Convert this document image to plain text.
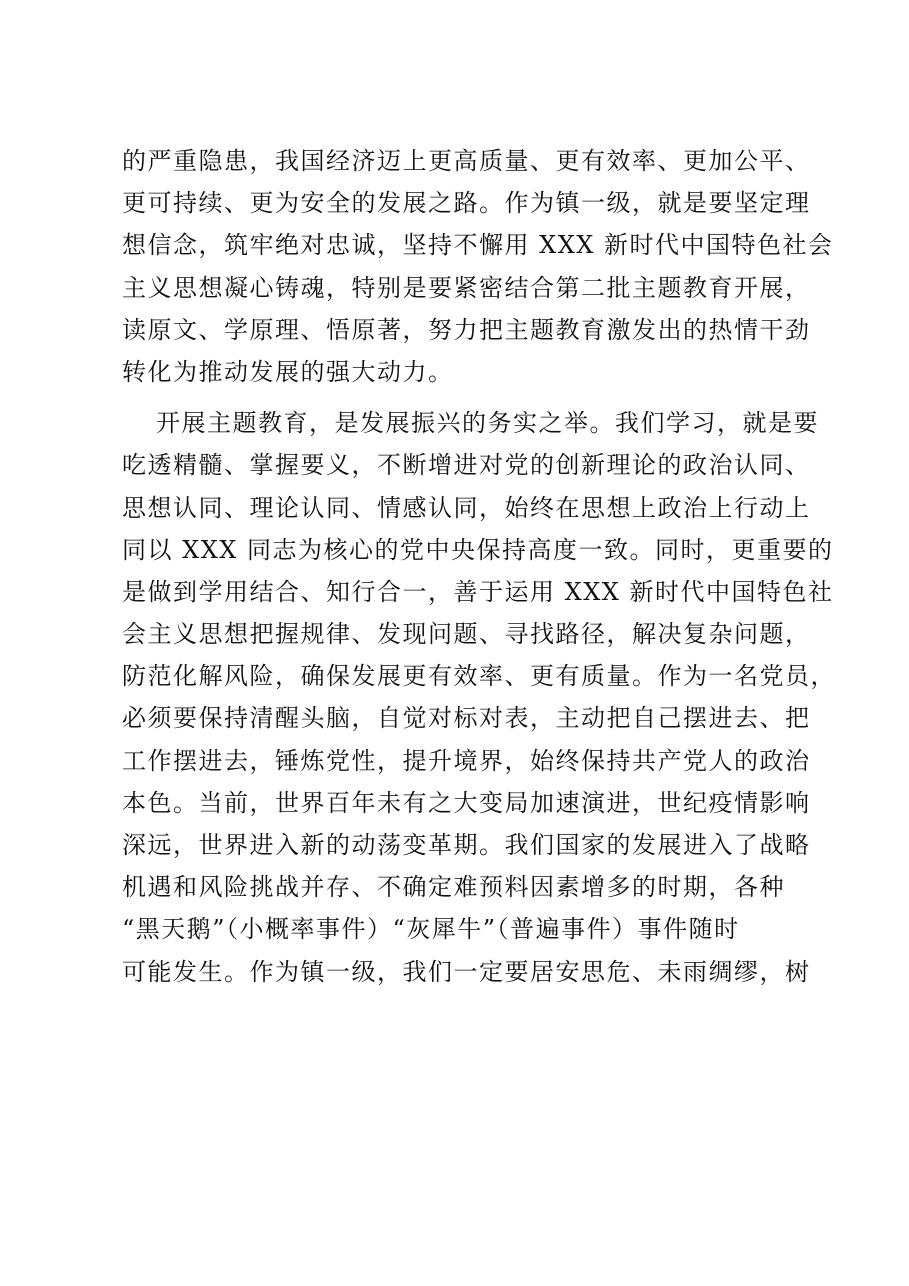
的严重隐患，我国经济迈上更高质量、更有效率、更加公平、
更可持续、更为安全的发展之路。作为镇一级，就是要坚定理
想信念，筑牢绝对忠诚，坚持不懈用 XXX 新时代中国特色社会
主义思想凝心铸魂，特别是要紧密结合第二批主题教育开展，
读原文、学原理、悟原著，努力把主题教育激发出的热情干劲
转化为推动发展的强大动力。
开展主题教育，是发展振兴的务实之举。我们学习，就是要
吃透精髓、掌握要义，不断增进对党的创新理论的政治认同、
思想认同、理论认同、情感认同，始终在思想上政治上行动上
同以 XXX 同志为核心的党中央保持高度一致。同时，更重要的
是做到学用结合、知行合一，善于运用 XXX 新时代中国特色社
会主义思想把握规律、发现问题、寻找路径，解决复杂问题，
防范化解风险，确保发展更有效率、更有质量。作为一名党员，
必须要保持清醒头脑，自觉对标对表，主动把自己摆进去、把
工作摆进去，锤炼党性，提升境界，始终保持共产党人的政治
本色。当前，世界百年未有之大变局加速演进，世纪疫情影响
深远，世界进入新的动荡变革期。我们国家的发展进入了战略
机遇和风险挑战并存、不确定难预料因素增多的时期，各种
“黑天鹅”（小概率事件）“灰犀牛”（普遍事件）事件随时
可能发生。作为镇一级，我们一定要居安思危、未雨绸缪，树
